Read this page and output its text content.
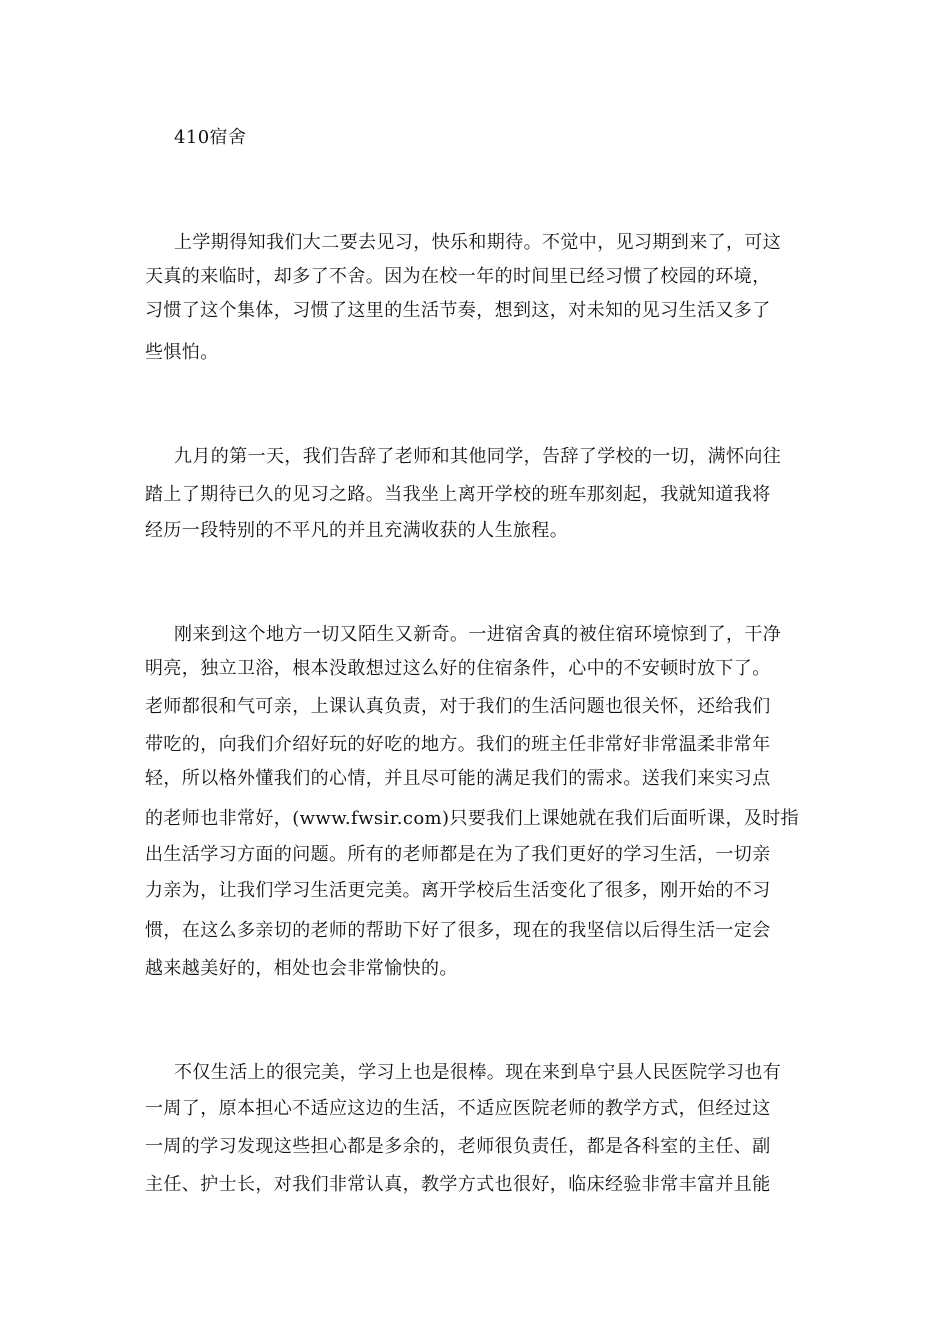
410宿舍
上学期得知我们大二要去见习，快乐和期待。不觉中，见习期到来了，可这
天真的来临时，却多了不舍。因为在校一年的时间里已经习惯了校园的环境，
习惯了这个集体，习惯了这里的生活节奏，想到这，对未知的见习生活又多了
些惧怕。
九月的第一天，我们告辞了老师和其他同学，告辞了学校的一切，满怀向往
踏上了期待已久的见习之路。当我坐上离开学校的班车那刻起，我就知道我将
经历一段特别的不平凡的并且充满收获的人生旅程。
刚来到这个地方一切又陌生又新奇。一进宿舍真的被住宿环境惊到了，干净
明亮，独立卫浴，根本没敢想过这么好的住宿条件，心中的不安顿时放下了。
老师都很和气可亲，上课认真负责，对于我们的生活问题也很关怀，还给我们
带吃的，向我们介绍好玩的好吃的地方。我们的班主任非常好非常温柔非常年
轻，所以格外懂我们的心情，并且尽可能的满足我们的需求。送我们来实习点
的老师也非常好，(www.fwsir.com)只要我们上课她就在我们后面听课，及时指
出生活学习方面的问题。所有的老师都是在为了我们更好的学习生活，一切亲
力亲为，让我们学习生活更完美。离开学校后生活变化了很多，刚开始的不习
惯，在这么多亲切的老师的帮助下好了很多，现在的我坚信以后得生活一定会
越来越美好的，相处也会非常愉快的。
不仅生活上的很完美，学习上也是很棒。现在来到阜宁县人民医院学习也有
一周了，原本担心不适应这边的生活，不适应医院老师的教学方式，但经过这
一周的学习发现这些担心都是多余的，老师很负责任，都是各科室的主任、副
主任、护士长，对我们非常认真，教学方式也很好，临床经验非常丰富并且能
